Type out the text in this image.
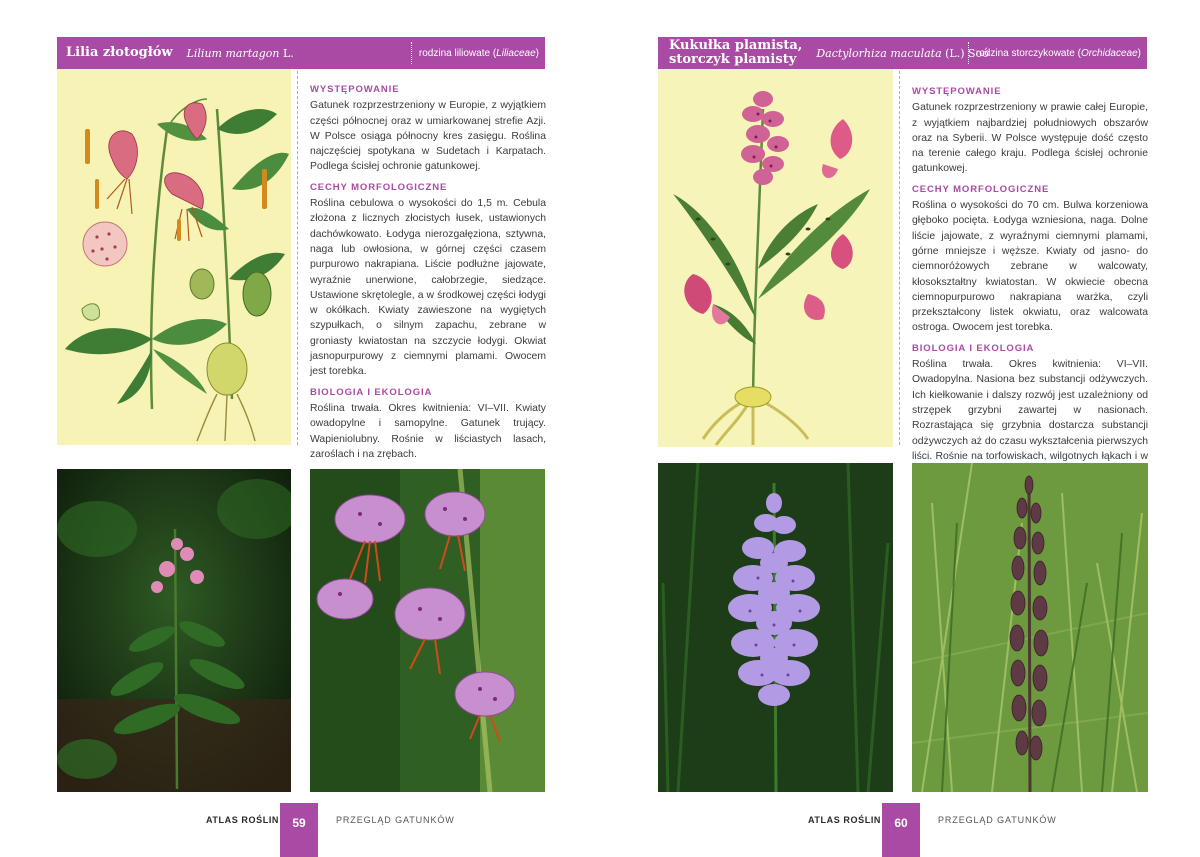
Lilia złotogłów Lilium martagon L.	rodzina liliowate ( Liliaceae )
WYSTĘPOWANIE
Gatunek rozprzestrzeniony w Europie, z wyjątkiem części północnej oraz w umiarkowanej strefie Azji. W Polsce osiąga północny kres zasięgu. Roślina najczęściej spotykana w Sudetach i Karpatach. Podlega ścisłej ochronie gatunkowej.
CECHY MORFOLOGICZNE
Roślina cebulowa o wysokości do 1,5 m. Cebula złożona z licznych złocistych łusek, ustawionych dachówkowato. Łodyga nierozgałęziona, sztywna, naga lub owłosiona, w górnej części czasem purpurowo nakrapiana. Liście podłużne jajowate, wyraźnie unerwione, całobrzegie, siedzące. Ustawione skrętolegle, a w środkowej części łodygi w okółkach. Kwiaty zawieszone na wygiętych szypułkach, o silnym zapachu, zebrane w groniasty kwiatostan na szczycie łodygi. Okwiat jasnopurpurowy z ciemnymi plamami. Owocem jest torebka.
BIOLOGIA I EKOLOGIA
Roślina trwała. Okres kwitnienia: VI–VII. Kwiaty owadopylne i samopylne. Gatunek trujący. Wapieniolubny. Rośnie w liściastych lasach, zaroślach i na zrębach.
ATLAS ROŚLIN	59	PRZEGLĄD GATUNKÓW
Kukułka plamista,
storczyk plamisty	Dactylorhiza maculata (L.) Soó
rodzina storczykowate ( Orchidaceae )
WYSTĘPOWANIE
Gatunek rozprzestrzeniony w prawie całej Europie, z wyjątkiem najbardziej południowych obszarów oraz na Syberii. W Polsce występuje dość często na terenie całego kraju. Podlega ścisłej ochronie gatunkowej.
CECHY MORFOLOGICZNE
Roślina o wysokości do 70 cm. Bulwa korzeniowa głęboko pocięta. Łodyga wzniesiona, naga. Dolne liście jajowate, z wyraźnymi ciemnymi plamami, górne mniejsze i węższe. Kwiaty od jasno- do ciemnoróżowych zebrane w walcowaty, kłosokształtny kwiatostan. W okwiecie obecna ciemnopurpurowo nakrapiana warżka, czyli przekształcony listek okwiatu, oraz walcowata ostroga. Owocem jest torebka.
BIOLOGIA I EKOLOGIA
Roślina trwała. Okres kwitnienia: VI–VII. Owadopylna. Nasiona bez substancji odżywczych. Ich kiełkowanie i dalszy rozwój jest uzależniony od strzępek grzybni zawartej w nasionach. Rozrastająca się grzybnia dostarcza substancji odżywczych aż do czasu wykształcenia pierwszych liści. Rośnie na torfowiskach, wilgotnych łąkach i w
ATLAS ROŚLIN	60	PRZEGLĄD GATUNKÓW
